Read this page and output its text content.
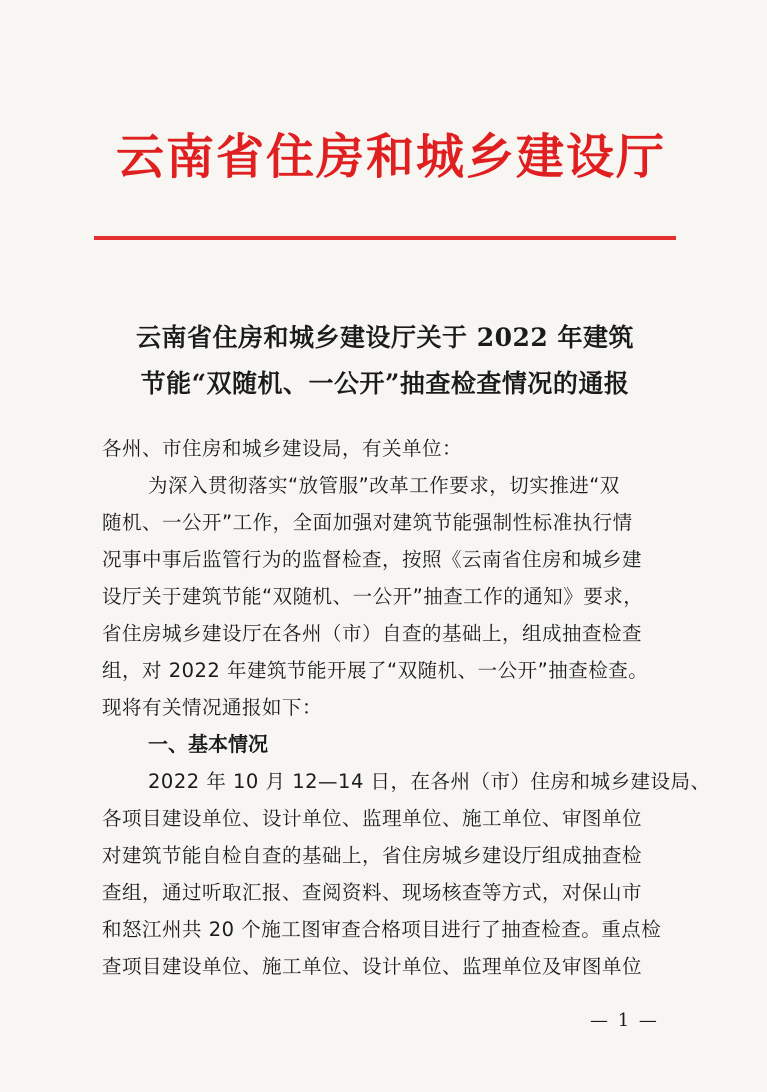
云南省住房和城乡建设厅
云南省住房和城乡建设厅关于 2022 年建筑
节能“双随机、一公开”抽查检查情况的通报
各州、市住房和城乡建设局，有关单位：
为深入贯彻落实“放管服”改革工作要求，切实推进“双
随机、一公开”工作，全面加强对建筑节能强制性标准执行情
况事中事后监管行为的监督检查，按照《云南省住房和城乡建
设厅关于建筑节能“双随机、一公开”抽查工作的通知》要求，
省住房城乡建设厅在各州（市）自查的基础上，组成抽查检查
组，对 2022 年建筑节能开展了“双随机、一公开”抽查检查。
现将有关情况通报如下：
一、基本情况
2022 年 10 月 12—14 日，在各州（市）住房和城乡建设局、
各项目建设单位、设计单位、监理单位、施工单位、审图单位
对建筑节能自检自查的基础上，省住房城乡建设厅组成抽查检
查组，通过听取汇报、查阅资料、现场核查等方式，对保山市
和怒江州共 20 个施工图审查合格项目进行了抽查检查。重点检
查项目建设单位、施工单位、设计单位、监理单位及审图单位
— 1 —
